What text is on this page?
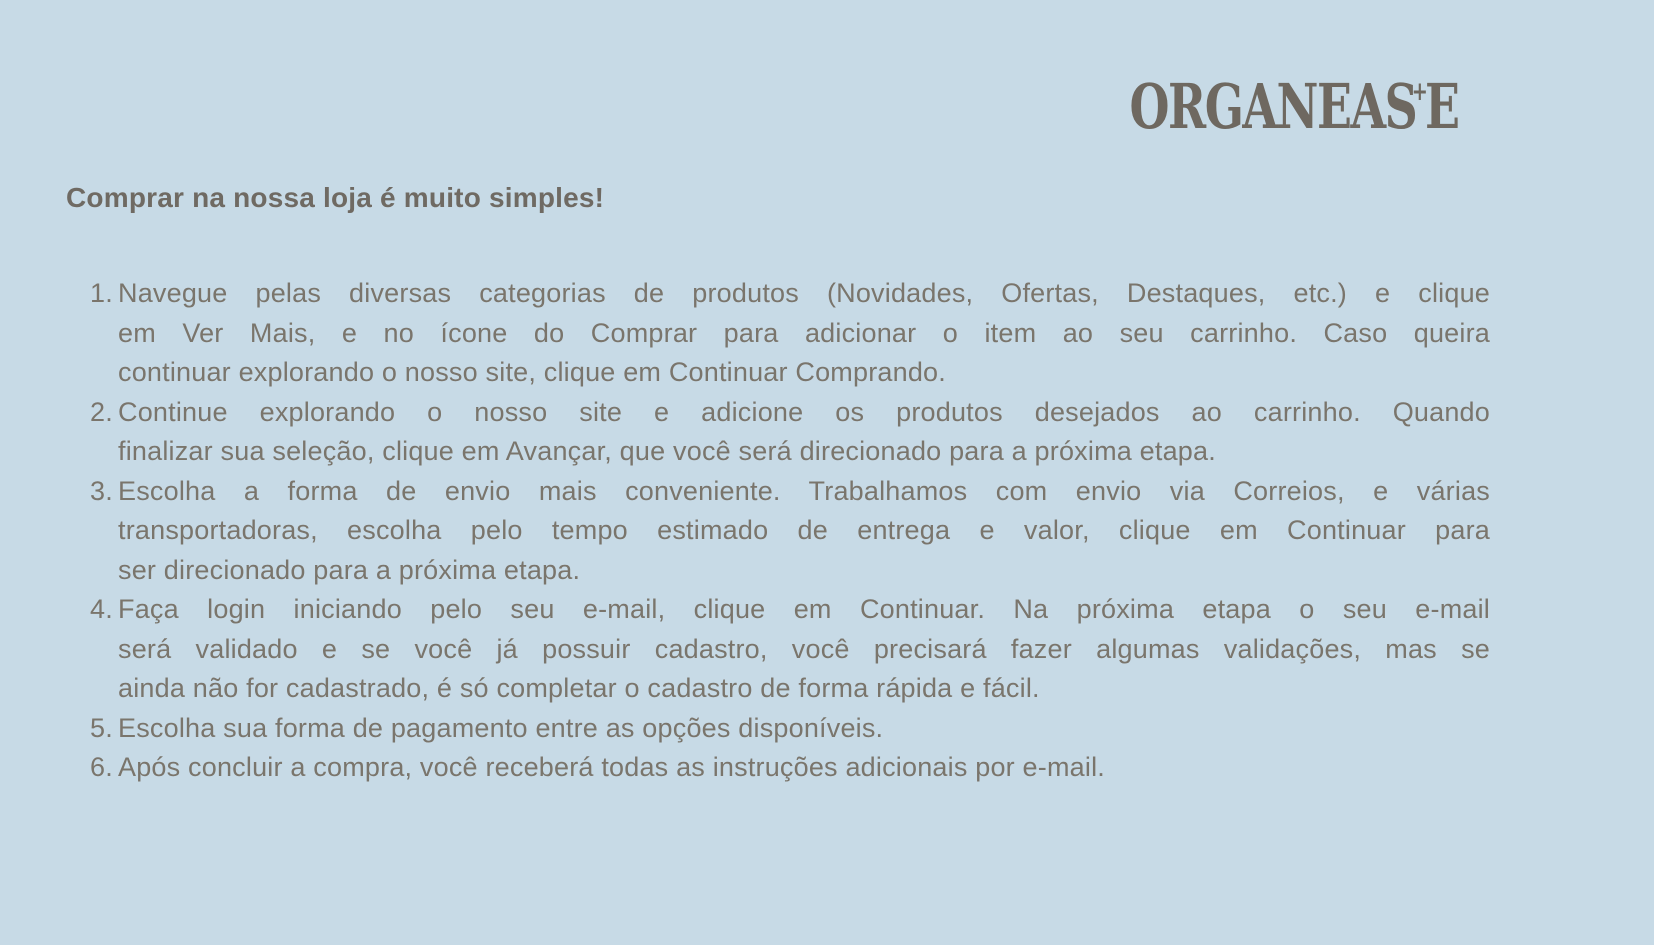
ORGANEAS+E
Comprar na nossa loja é muito simples!
1. Navegue pelas diversas categorias de produtos (Novidades, Ofertas, Destaques, etc.) e clique
em Ver Mais, e no ícone do Comprar para adicionar o item ao seu carrinho. Caso queira
continuar explorando o nosso site, clique em Continuar Comprando.
2. Continue explorando o nosso site e adicione os produtos desejados ao carrinho. Quando
finalizar sua seleção, clique em Avançar, que você será direcionado para a próxima etapa.
3. Escolha a forma de envio mais conveniente. Trabalhamos com envio via Correios, e várias
transportadoras, escolha pelo tempo estimado de entrega e valor, clique em Continuar para
ser direcionado para a próxima etapa.
4. Faça login iniciando pelo seu e-mail, clique em Continuar. Na próxima etapa o seu e-mail
será validado e se você já possuir cadastro, você precisará fazer algumas validações, mas se
ainda não for cadastrado, é só completar o cadastro de forma rápida e fácil.
5. Escolha sua forma de pagamento entre as opções disponíveis.
6. Após concluir a compra, você receberá todas as instruções adicionais por e-mail.
